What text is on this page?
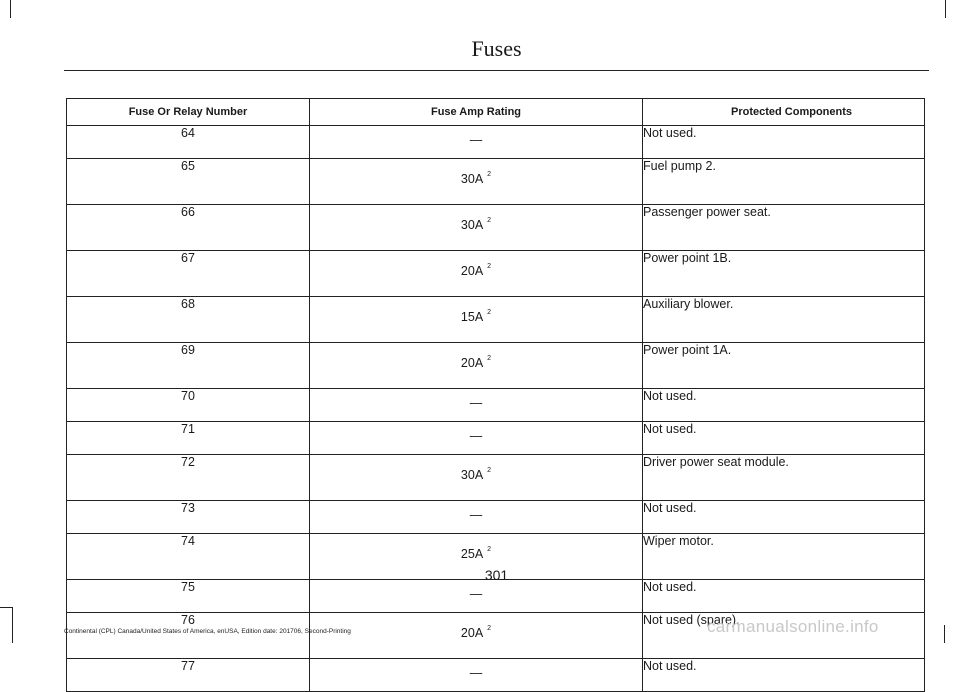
Fuses
Fuse Or Relay Number	Fuse Amp Rating	Protected Components
64	—	Not used.
65	30A $^2$	Fuel pump 2.
66	30A $^2$	Passenger power seat.
67	20A $^2$	Power point 1B.
68	15A $^2$	Auxiliary blower.
69	20A $^2$	Power point 1A.
70	—	Not used.
71	—	Not used.
72	30A $^2$	Driver power seat module.
73	—	Not used.
74	25A $^2$	Wiper motor.
75	—	Not used.
76	20A $^2$	Not used (spare).
77	—	Not used.
301
Continental (CPL) Canada/United States of America, enUSA, Edition date: 201706, Second-Printing	carmanualsonline.info
